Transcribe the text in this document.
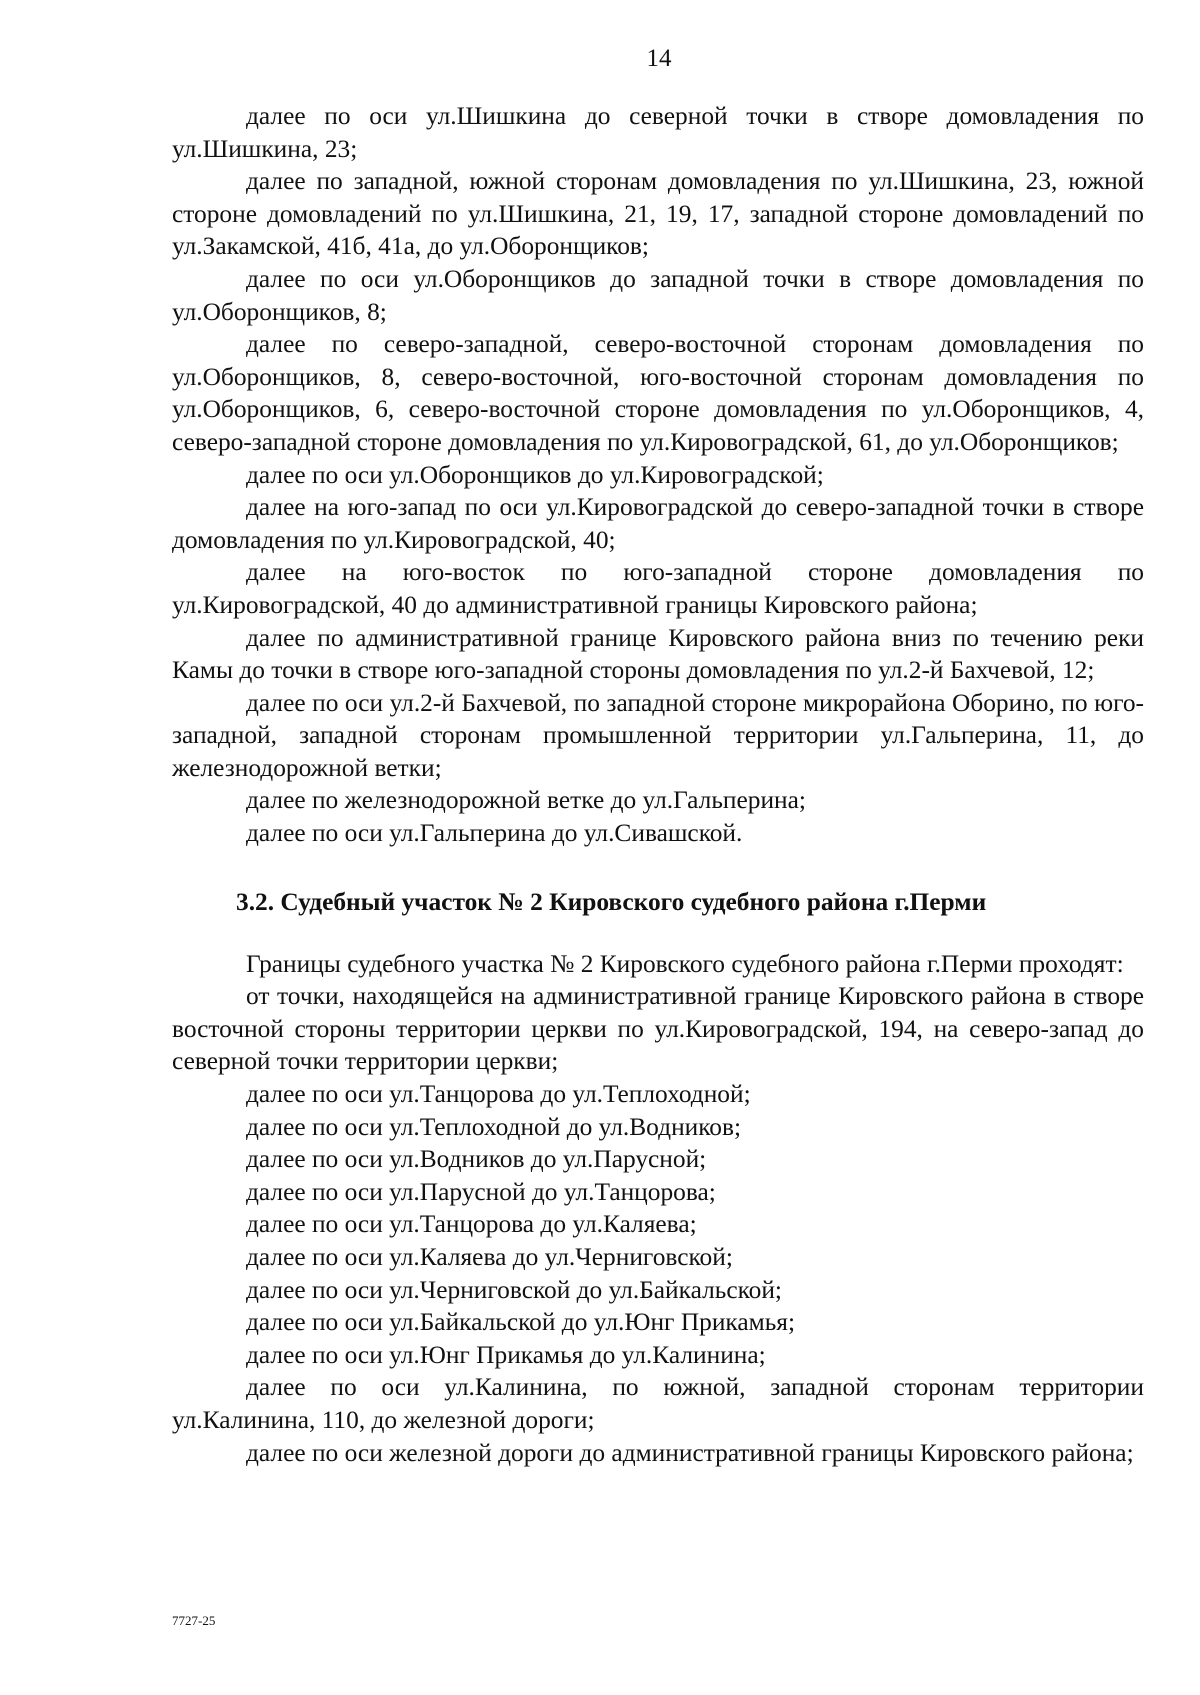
14

далее по оси ул.Шишкина до северной точки в створе домовладения по ул.Шишкина, 23;

далее по западной, южной сторонам домовладения по ул.Шишкина, 23, южной стороне домовладений по ул.Шишкина, 21, 19, 17, западной стороне домовладений по ул.Закамской, 41б, 41а, до ул.Оборонщиков;

далее по оси ул.Оборонщиков до западной точки в створе домовладения по ул.Оборонщиков, 8;

далее по северо-западной, северо-восточной сторонам домовладения по ул.Оборонщиков, 8, северо-восточной, юго-восточной сторонам домовладения по ул.Оборонщиков, 6, северо-восточной стороне домовладения по ул.Оборонщиков, 4, северо-западной стороне домовладения по ул.Кировоградской, 61, до ул.Оборонщиков;

далее по оси ул.Оборонщиков до ул.Кировоградской;

далее на юго-запад по оси ул.Кировоградской до северо-западной точки в створе домовладения по ул.Кировоградской, 40;

далее на юго-восток по юго-западной стороне домовладения по ул.Кировоградской, 40 до административной границы Кировского района;

далее по административной границе Кировского района вниз по течению реки Камы до точки в створе юго-западной стороны домовладения по ул.2-й Бахчевой, 12;

далее по оси ул.2-й Бахчевой, по западной стороне микрорайона Оборино, по юго-западной, западной сторонам промышленной территории ул.Гальперина, 11, до железнодорожной ветки;

далее по железнодорожной ветке до ул.Гальперина;

далее по оси ул.Гальперина до ул.Сивашской.

3.2. Судебный участок № 2 Кировского судебного района г.Перми

Границы судебного участка № 2 Кировского судебного района г.Перми проходят:

от точки, находящейся на административной границе Кировского района в створе восточной стороны территории церкви по ул.Кировоградской, 194, на северо-запад до северной точки территории церкви;

далее по оси ул.Танцорова до ул.Теплоходной;

далее по оси ул.Теплоходной до ул.Водников;

далее по оси ул.Водников до ул.Парусной;

далее по оси ул.Парусной до ул.Танцорова;

далее по оси ул.Танцорова до ул.Каляева;

далее по оси ул.Каляева до ул.Черниговской;

далее по оси ул.Черниговской до ул.Байкальской;

далее по оси ул.Байкальской до ул.Юнг Прикамья;

далее по оси ул.Юнг Прикамья до ул.Калинина;

далее по оси ул.Калинина, по южной, западной сторонам территории ул.Калинина, 110, до железной дороги;

далее по оси железной дороги до административной границы Кировского района;

7727-25
